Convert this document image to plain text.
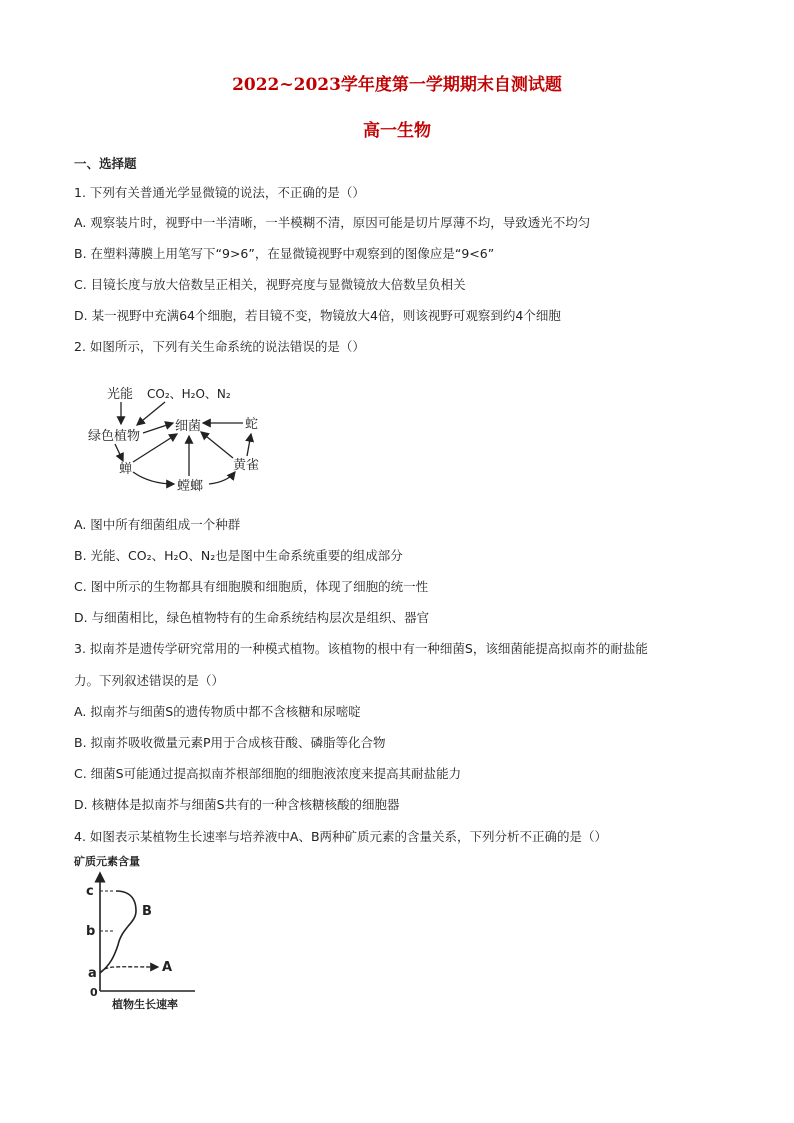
2022~2023学年度第一学期期末自测试题
高一生物
一、选择题
1. 下列有关普通光学显微镜的说法，不正确的是（）
A. 观察装片时，视野中一半清晰，一半模糊不清，原因可能是切片厚薄不均，导致透光不均匀
B. 在塑料薄膜上用笔写下“9>6”，在显微镜视野中观察到的图像应是“9<6”
C. 目镜长度与放大倍数呈正相关，视野亮度与显微镜放大倍数呈负相关
D. 某一视野中充满64个细胞，若目镜不变，物镜放大4倍，则该视野可观察到约4个细胞
2. 如图所示，下列有关生命系统的说法错误的是（）
光能 CO₂、H₂O、N₂
绿色植物
细菌	蛇
蝉	黄雀
螳螂
A. 图中所有细菌组成一个种群
B. 光能、CO₂、H₂O、N₂也是图中生命系统重要的组成部分
C. 图中所示的生物都具有细胞膜和细胞质，体现了细胞的统一性
D. 与细菌相比，绿色植物特有的生命系统结构层次是组织、器官
3. 拟南芥是遗传学研究常用的一种模式植物。该植物的根中有一种细菌S，该细菌能提高拟南芥的耐盐能
力。下列叙述错误的是（）
A. 拟南芥与细菌S的遗传物质中都不含核糖和尿嘧啶
B. 拟南芥吸收微量元素P用于合成核苷酸、磷脂等化合物
C. 细菌S可能通过提高拟南芥根部细胞的细胞液浓度来提高其耐盐能力
D. 核糖体是拟南芥与细菌S共有的一种含核糖核酸的细胞器
4. 如图表示某植物生长速率与培养液中A、B两种矿质元素的含量关系，下列分析不正确的是（）
矿质元素含量
c
b
a
0
B
A
植物生长速率
